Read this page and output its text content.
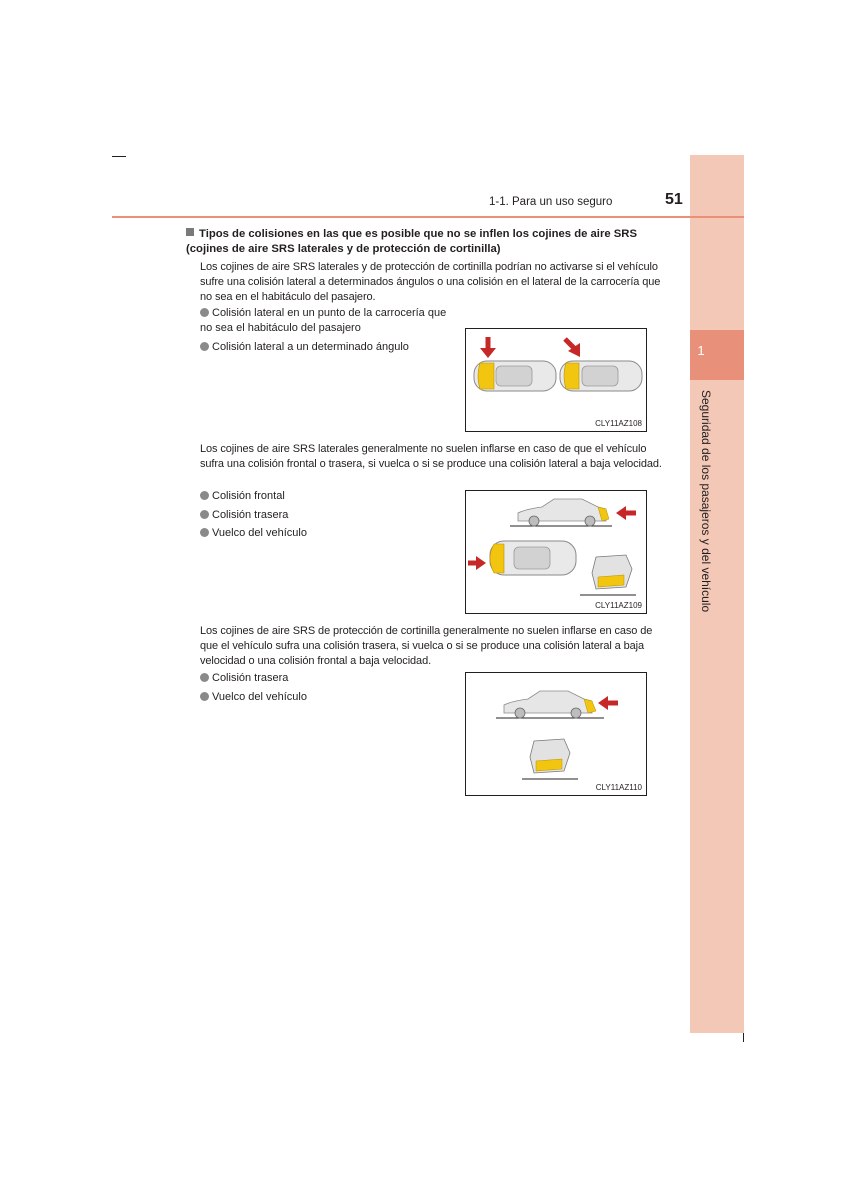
1
Seguridad de los pasajeros y del vehículo
1-1. Para un uso seguro	51
Tipos de colisiones en las que es posible que no se inflen los cojines de aire SRS (cojines de aire SRS laterales y de protección de cortinilla)
Los cojines de aire SRS laterales y de protección de cortinilla podrían no activarse si el vehículo sufre una colisión lateral a determinados ángulos o una colisión en el lateral de la carrocería que no sea en el habitáculo del pasajero.
Colisión lateral en un punto de la carrocería que no sea el habitáculo del pasajero
Colisión lateral a un determinado ángulo
CLY11AZ108
Los cojines de aire SRS laterales generalmente no suelen inflarse en caso de que el vehículo sufra una colisión frontal o trasera, si vuelca o si se produce una colisión lateral a baja velocidad.
Colisión frontal
Colisión trasera
Vuelco del vehículo
CLY11AZ109
Los cojines de aire SRS de protección de cortinilla generalmente no suelen inflarse en caso de que el vehículo sufra una colisión trasera, si vuelca o si se produce una colisión lateral a baja velocidad o una colisión frontal a baja velocidad.
Colisión trasera
Vuelco del vehículo
CLY11AZ110
